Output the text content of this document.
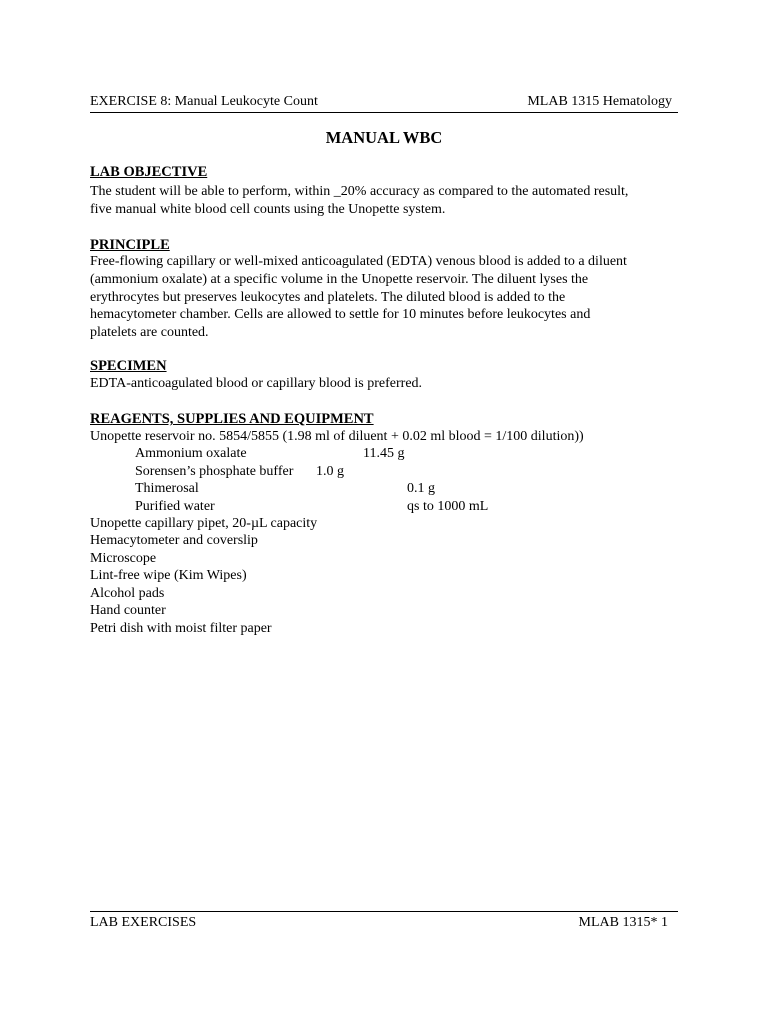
EXERCISE 8: Manual Leukocyte Count	MLAB 1315 Hematology
MANUAL WBC
LAB OBJECTIVE
The student will be able to perform, within _20% accuracy as compared to the automated result,
five manual white blood cell counts using the Unopette system.
PRINCIPLE
Free-flowing capillary or well-mixed anticoagulated (EDTA) venous blood is added to a diluent
(ammonium oxalate) at a specific volume in the Unopette reservoir. The diluent lyses the
erythrocytes but preserves leukocytes and platelets. The diluted blood is added to the
hemacytometer chamber. Cells are allowed to settle for 10 minutes before leukocytes and
platelets are counted.
SPECIMEN
EDTA-anticoagulated blood or capillary blood is preferred.
REAGENTS, SUPPLIES AND EQUIPMENT
Unopette reservoir no. 5854/5855 (1.98 ml of diluent + 0.02 ml blood = 1/100 dilution))
Ammonium oxalate	11.45 g
Sorensen’s phosphate buffer 1.0 g
Thimerosal	0.1 g
Purified water	qs to 1000 mL
Unopette capillary pipet, 20-µL capacity
Hemacytometer and coverslip
Microscope
Lint-free wipe (Kim Wipes)
Alcohol pads
Hand counter
Petri dish with moist filter paper
LAB EXERCISES	MLAB 1315* 1
